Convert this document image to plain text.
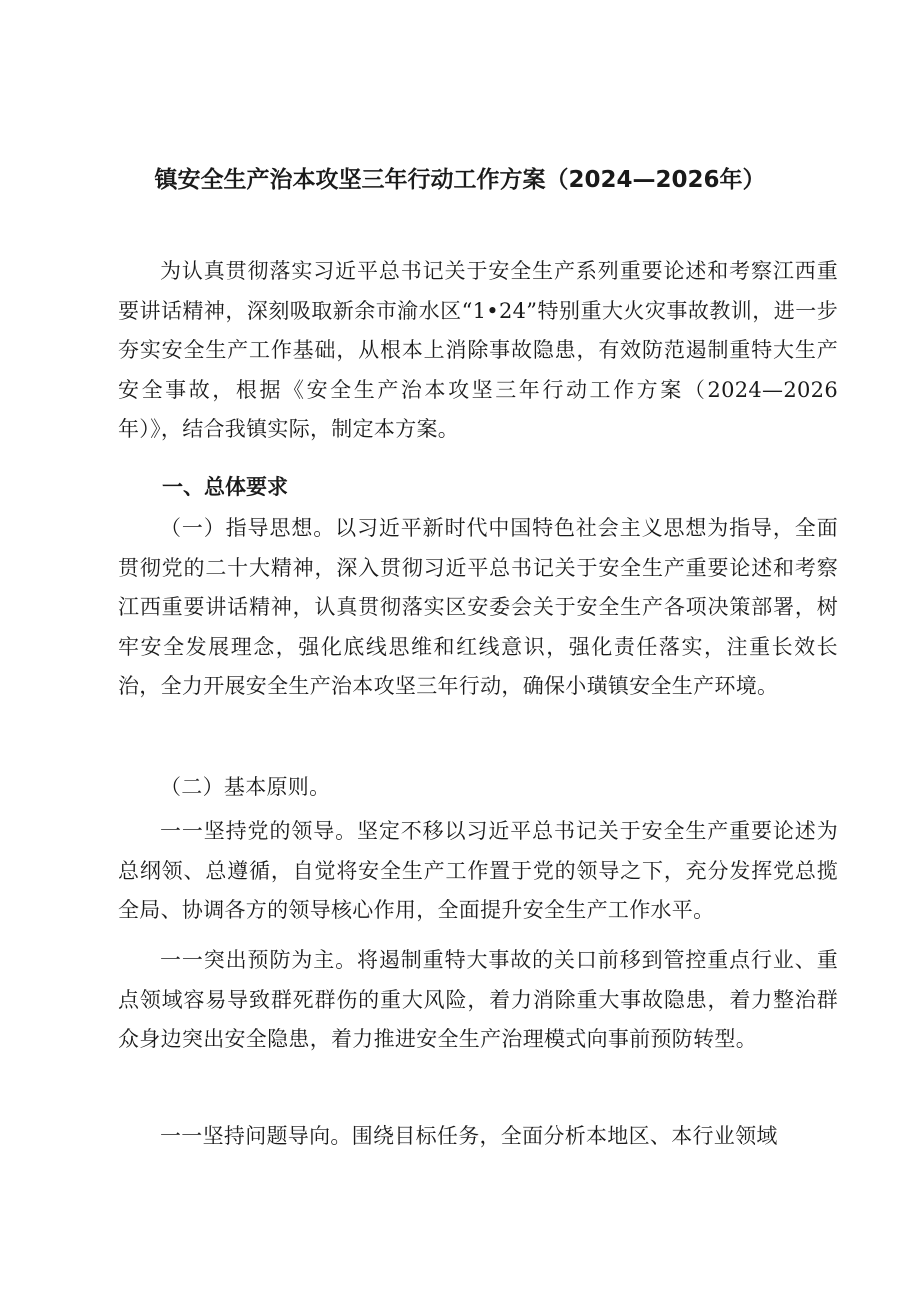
镇安全生产治本攻坚三年行动工作方案（2024—2026年）

为认真贯彻落实习近平总书记关于安全生产系列重要论述和考察江西重要讲话精神，深刻吸取新余市渝水区“1•24”特别重大火灾事故教训，进一步夯实安全生产工作基础，从根本上消除事故隐患，有效防范遏制重特大生产安全事故，根据《安全生产治本攻坚三年行动工作方案（2024—2026年）》，结合我镇实际，制定本方案。

一、总体要求

（一）指导思想。以习近平新时代中国特色社会主义思想为指导，全面贯彻党的二十大精神，深入贯彻习近平总书记关于安全生产重要论述和考察江西重要讲话精神，认真贯彻落实区安委会关于安全生产各项决策部署，树牢安全发展理念，强化底线思维和红线意识，强化责任落实，注重长效长治，全力开展安全生产治本攻坚三年行动，确保小璜镇安全生产环境。

（二）基本原则。

一一坚持党的领导。坚定不移以习近平总书记关于安全生产重要论述为总纲领、总遵循，自觉将安全生产工作置于党的领导之下，充分发挥党总揽全局、协调各方的领导核心作用，全面提升安全生产工作水平。

一一突出预防为主。将遏制重特大事故的关口前移到管控重点行业、重点领域容易导致群死群伤的重大风险，着力消除重大事故隐患，着力整治群众身边突出安全隐患，着力推进安全生产治理模式向事前预防转型。

一一坚持问题导向。围绕目标任务，全面分析本地区、本行业领域
